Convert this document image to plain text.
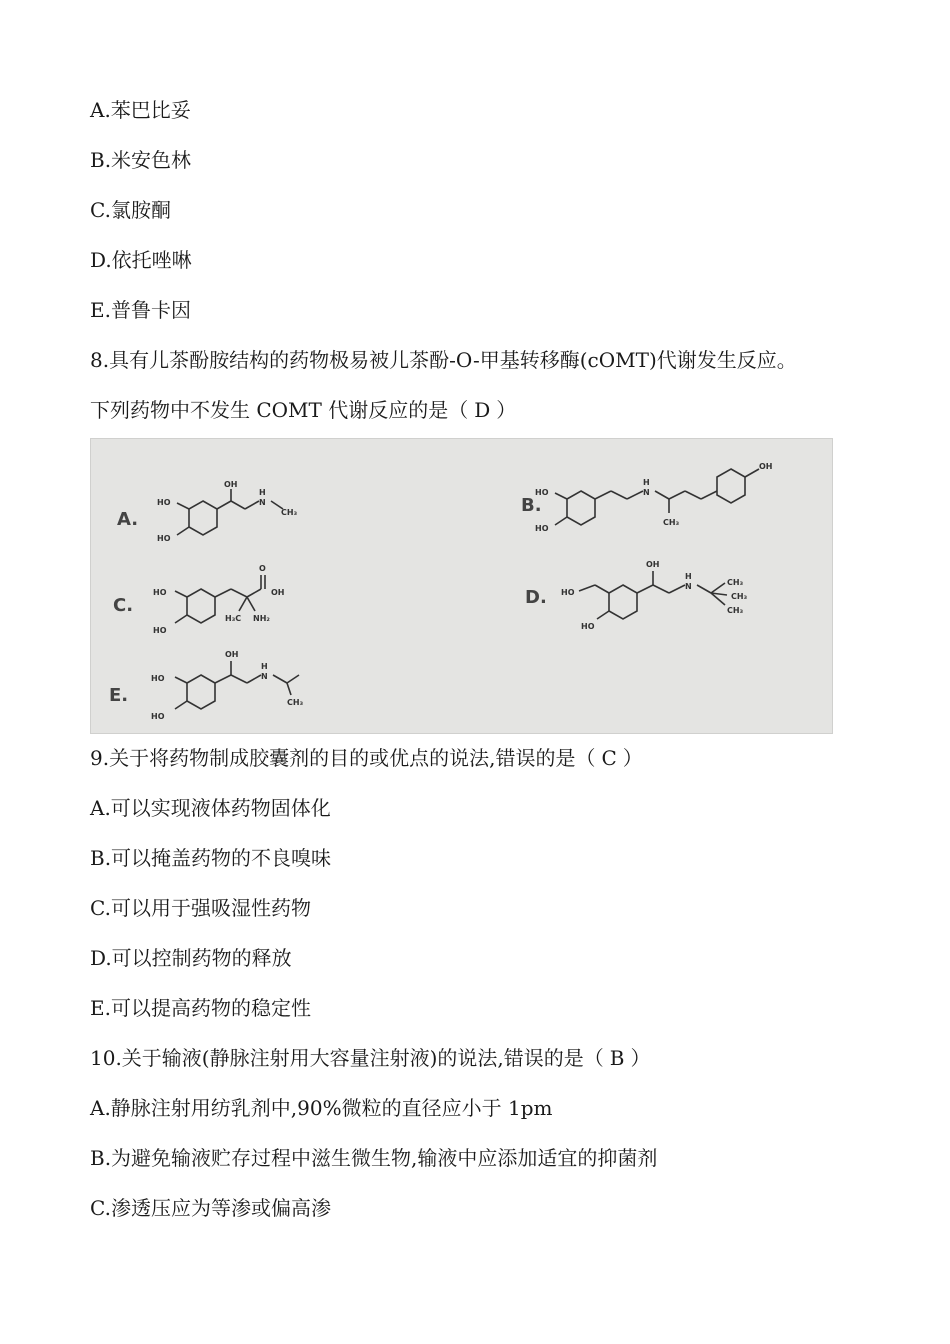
A.苯巴比妥
B.米安色林
C.氯胺酮
D.依托唑啉
E.普鲁卡因
8.具有儿茶酚胺结构的药物极易被儿茶酚-O-甲基转移酶(cOMT)代谢发生反应。
下列药物中不发生 COMT 代谢反应的是（ D ）
A.
OH
H
N
CH₃
HO
HO
B.
H
N
CH₃
OH
HO
HO
C.
O
OH
H₃C NH₂
HO
HO
D. HO
OH
H
N	CH₃
CH₃
CH₃
HO
E.
OH
H
N
CH₃
HO
HO
9.关于将药物制成胶囊剂的目的或优点的说法,错误的是（ C ）
A.可以实现液体药物固体化
B.可以掩盖药物的不良嗅味
C.可以用于强吸湿性药物
D.可以控制药物的释放
E.可以提高药物的稳定性
10.关于输液(静脉注射用大容量注射液)的说法,错误的是（ B ）
A.静脉注射用纺乳剂中,90%微粒的直径应小于 1pm
B.为避免输液贮存过程中滋生微生物,输液中应添加适宜的抑菌剂
C.渗透压应为等渗或偏高渗
